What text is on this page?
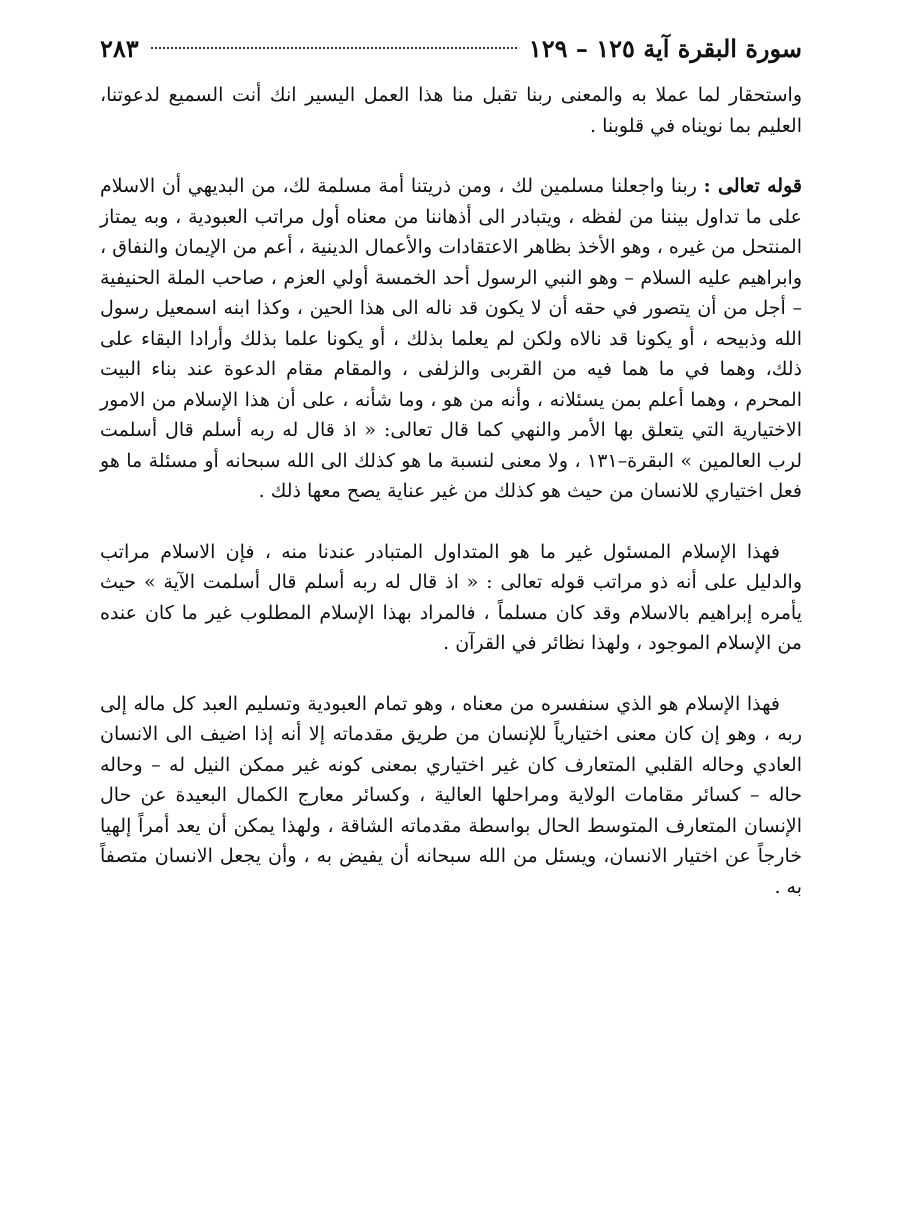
سورة البقرة آية ١٢٥ – ١٢٩
٢٨٣

واستحقار لما عملا به والمعنى ربنا تقبل منا هذا العمل اليسير انك أنت السميع لدعوتنا، العليم بما نويناه في قلوبنا .

قوله تعالى : ربنا واجعلنا مسلمين لك ، ومن ذريتنا أمة مسلمة لك، من البديهي أن الاسلام على ما تداول بيننا من لفظه ، ويتبادر الى أذهاننا من معناه أول مراتب العبودية ، وبه يمتاز المنتحل من غيره ، وهو الأخذ بظاهر الاعتقادات والأعمال الدينية ، أعم من الإيمان والنفاق ، وابراهيم عليه السلام – وهو النبي الرسول أحد الخمسة أولي العزم ، صاحب الملة الحنيفية – أجل من أن يتصور في حقه أن لا يكون قد ناله الى هذا الحين ، وكذا ابنه اسمعيل رسول الله وذبيحه ، أو يكونا قد نالاه ولكن لم يعلما بذلك ، أو يكونا علما بذلك وأرادا البقاء على ذلك، وهما في ما هما فيه من القربى والزلفى ، والمقام مقام الدعوة عند بناء البيت المحرم ، وهما أعلم بمن يسئلانه ، وأنه من هو ، وما شأنه ، على أن هذا الإسلام من الامور الاختيارية التي يتعلق بها الأمر والنهي كما قال تعالى: « اذ قال له ربه أسلم قال أسلمت لرب العالمين » البقرة–١٣١ ، ولا معنى لنسبة ما هو كذلك الى الله سبحانه أو مسئلة ما هو فعل اختياري للانسان من حيث هو كذلك من غير عناية يصح معها ذلك .

فهذا الإسلام المسئول غير ما هو المتداول المتبادر عندنا منه ، فإن الاسلام مراتب والدليل على أنه ذو مراتب قوله تعالى : « اذ قال له ربه أسلم قال أسلمت الآية » حيث يأمره إبراهيم بالاسلام وقد كان مسلماً ، فالمراد بهذا الإسلام المطلوب غير ما كان عنده من الإسلام الموجود ، ولهذا نظائر في القرآن .

فهذا الإسلام هو الذي سنفسره من معناه ، وهو تمام العبودية وتسليم العبد كل ماله إلى ربه ، وهو إن كان معنى اختيارياً للإنسان من طريق مقدماته إلا أنه إذا اضيف الى الانسان العادي وحاله القلبي المتعارف كان غير اختياري بمعنى كونه غير ممكن النيل له – وحاله حاله – كسائر مقامات الولاية ومراحلها العالية ، وكسائر معارج الكمال البعيدة عن حال الإنسان المتعارف المتوسط الحال بواسطة مقدماته الشاقة ، ولهذا يمكن أن يعد أمراً إلهيا خارجاً عن اختيار الانسان، ويسئل من الله سبحانه أن يفيض به ، وأن يجعل الانسان متصفاً به .
